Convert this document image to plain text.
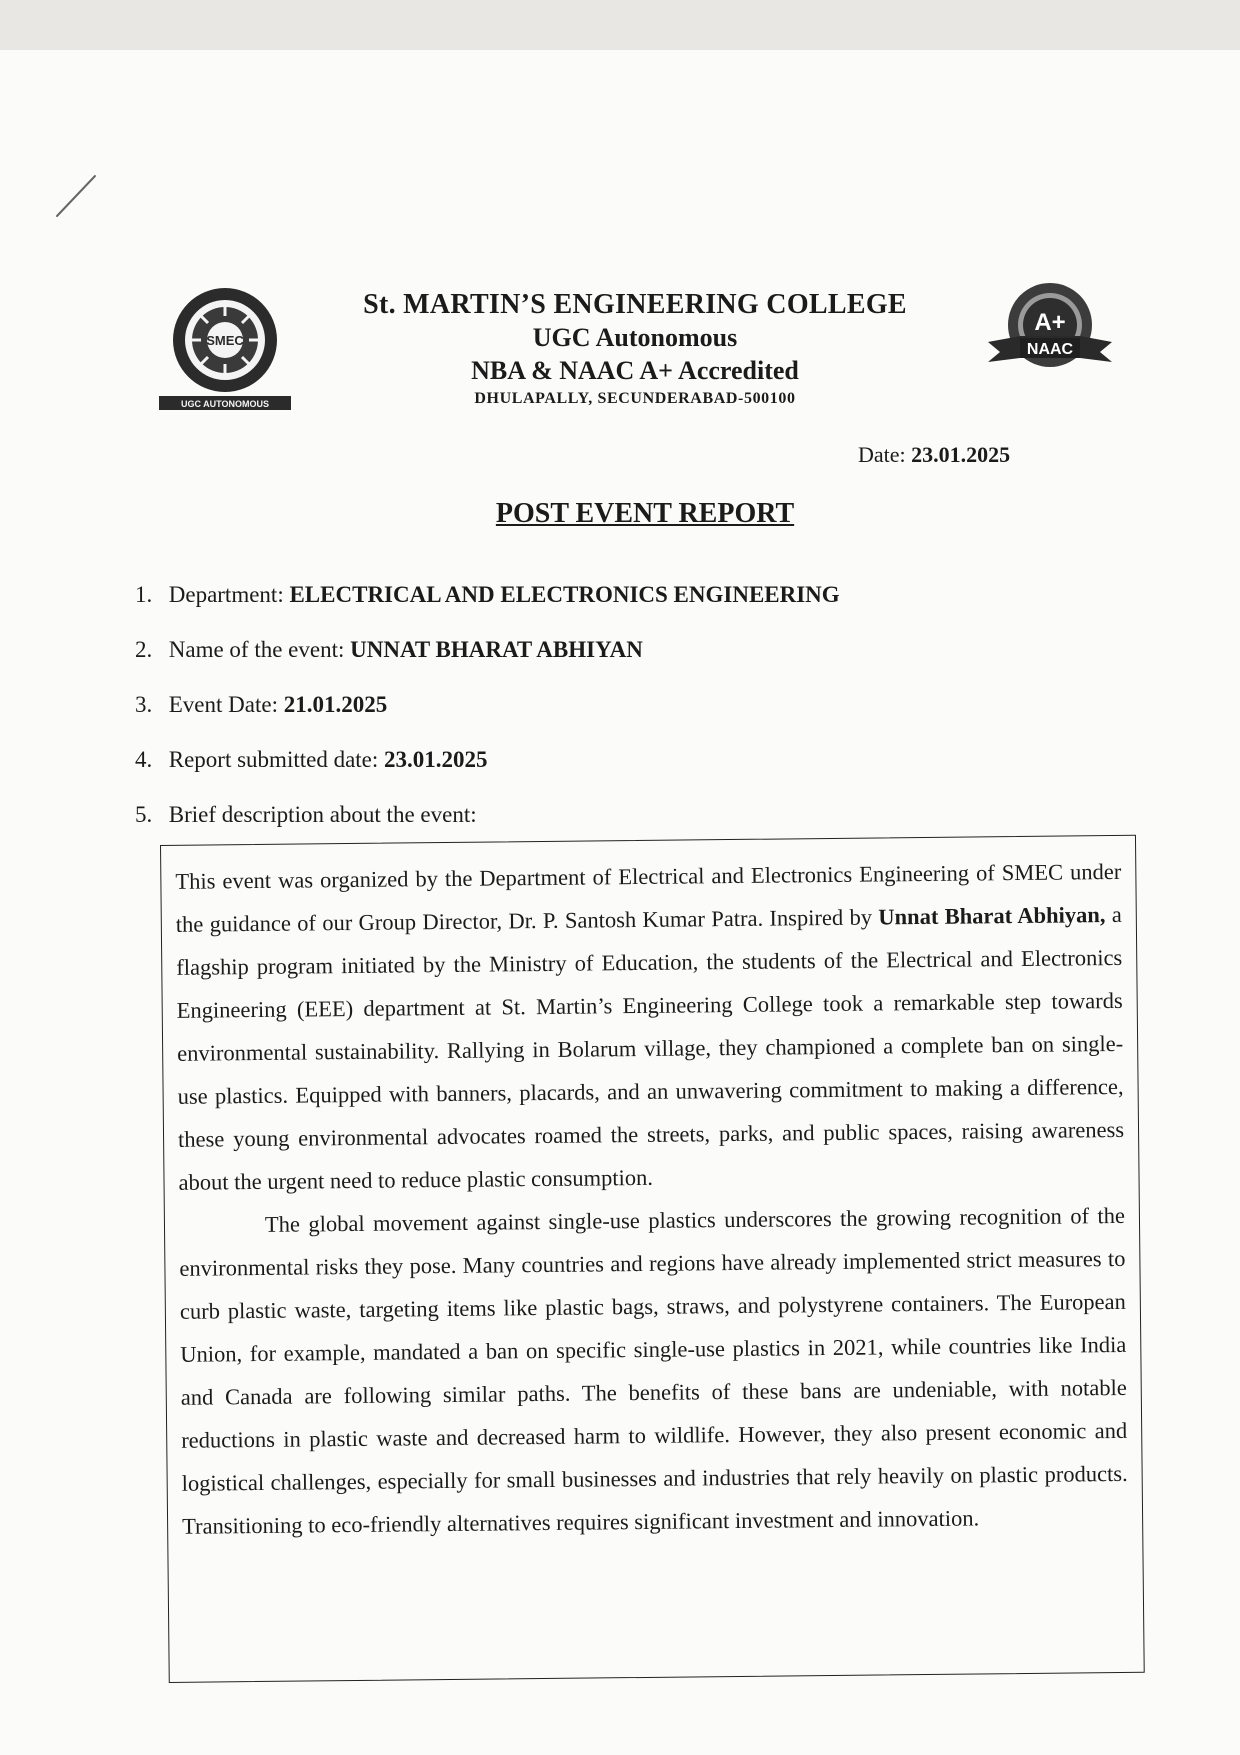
SMEC
UGC AUTONOMOUS
St. MARTIN’S ENGINEERING COLLEGE
UGC Autonomous
NBA & NAAC A+ Accredited
DHULAPALLY, SECUNDERABAD-500100
A+
NAAC
Date: 23.01.2025
POST EVENT REPORT
1. Department: ELECTRICAL AND ELECTRONICS ENGINEERING
2. Name of the event: UNNAT BHARAT ABHIYAN
3. Event Date: 21.01.2025
4. Report submitted date: 23.01.2025
5. Brief description about the event:

This event was organized by the Department of Electrical and Electronics Engineering of SMEC under the guidance of our Group Director, Dr. P. Santosh Kumar Patra. Inspired by Unnat Bharat Abhiyan, a flagship program initiated by the Ministry of Education, the students of the Electrical and Electronics Engineering (EEE) department at St. Martin’s Engineering College took a remarkable step towards environmental sustainability. Rallying in Bolarum village, they championed a complete ban on single-use plastics. Equipped with banners, placards, and an unwavering commitment to making a difference, these young environmental advocates roamed the streets, parks, and public spaces, raising awareness about the urgent need to reduce plastic consumption.

The global movement against single-use plastics underscores the growing recognition of the environmental risks they pose. Many countries and regions have already implemented strict measures to curb plastic waste, targeting items like plastic bags, straws, and polystyrene containers. The European Union, for example, mandated a ban on specific single-use plastics in 2021, while countries like India and Canada are following similar paths. The benefits of these bans are undeniable, with notable reductions in plastic waste and decreased harm to wildlife. However, they also present economic and logistical challenges, especially for small businesses and industries that rely heavily on plastic products. Transitioning to eco-friendly alternatives requires significant investment and innovation.
